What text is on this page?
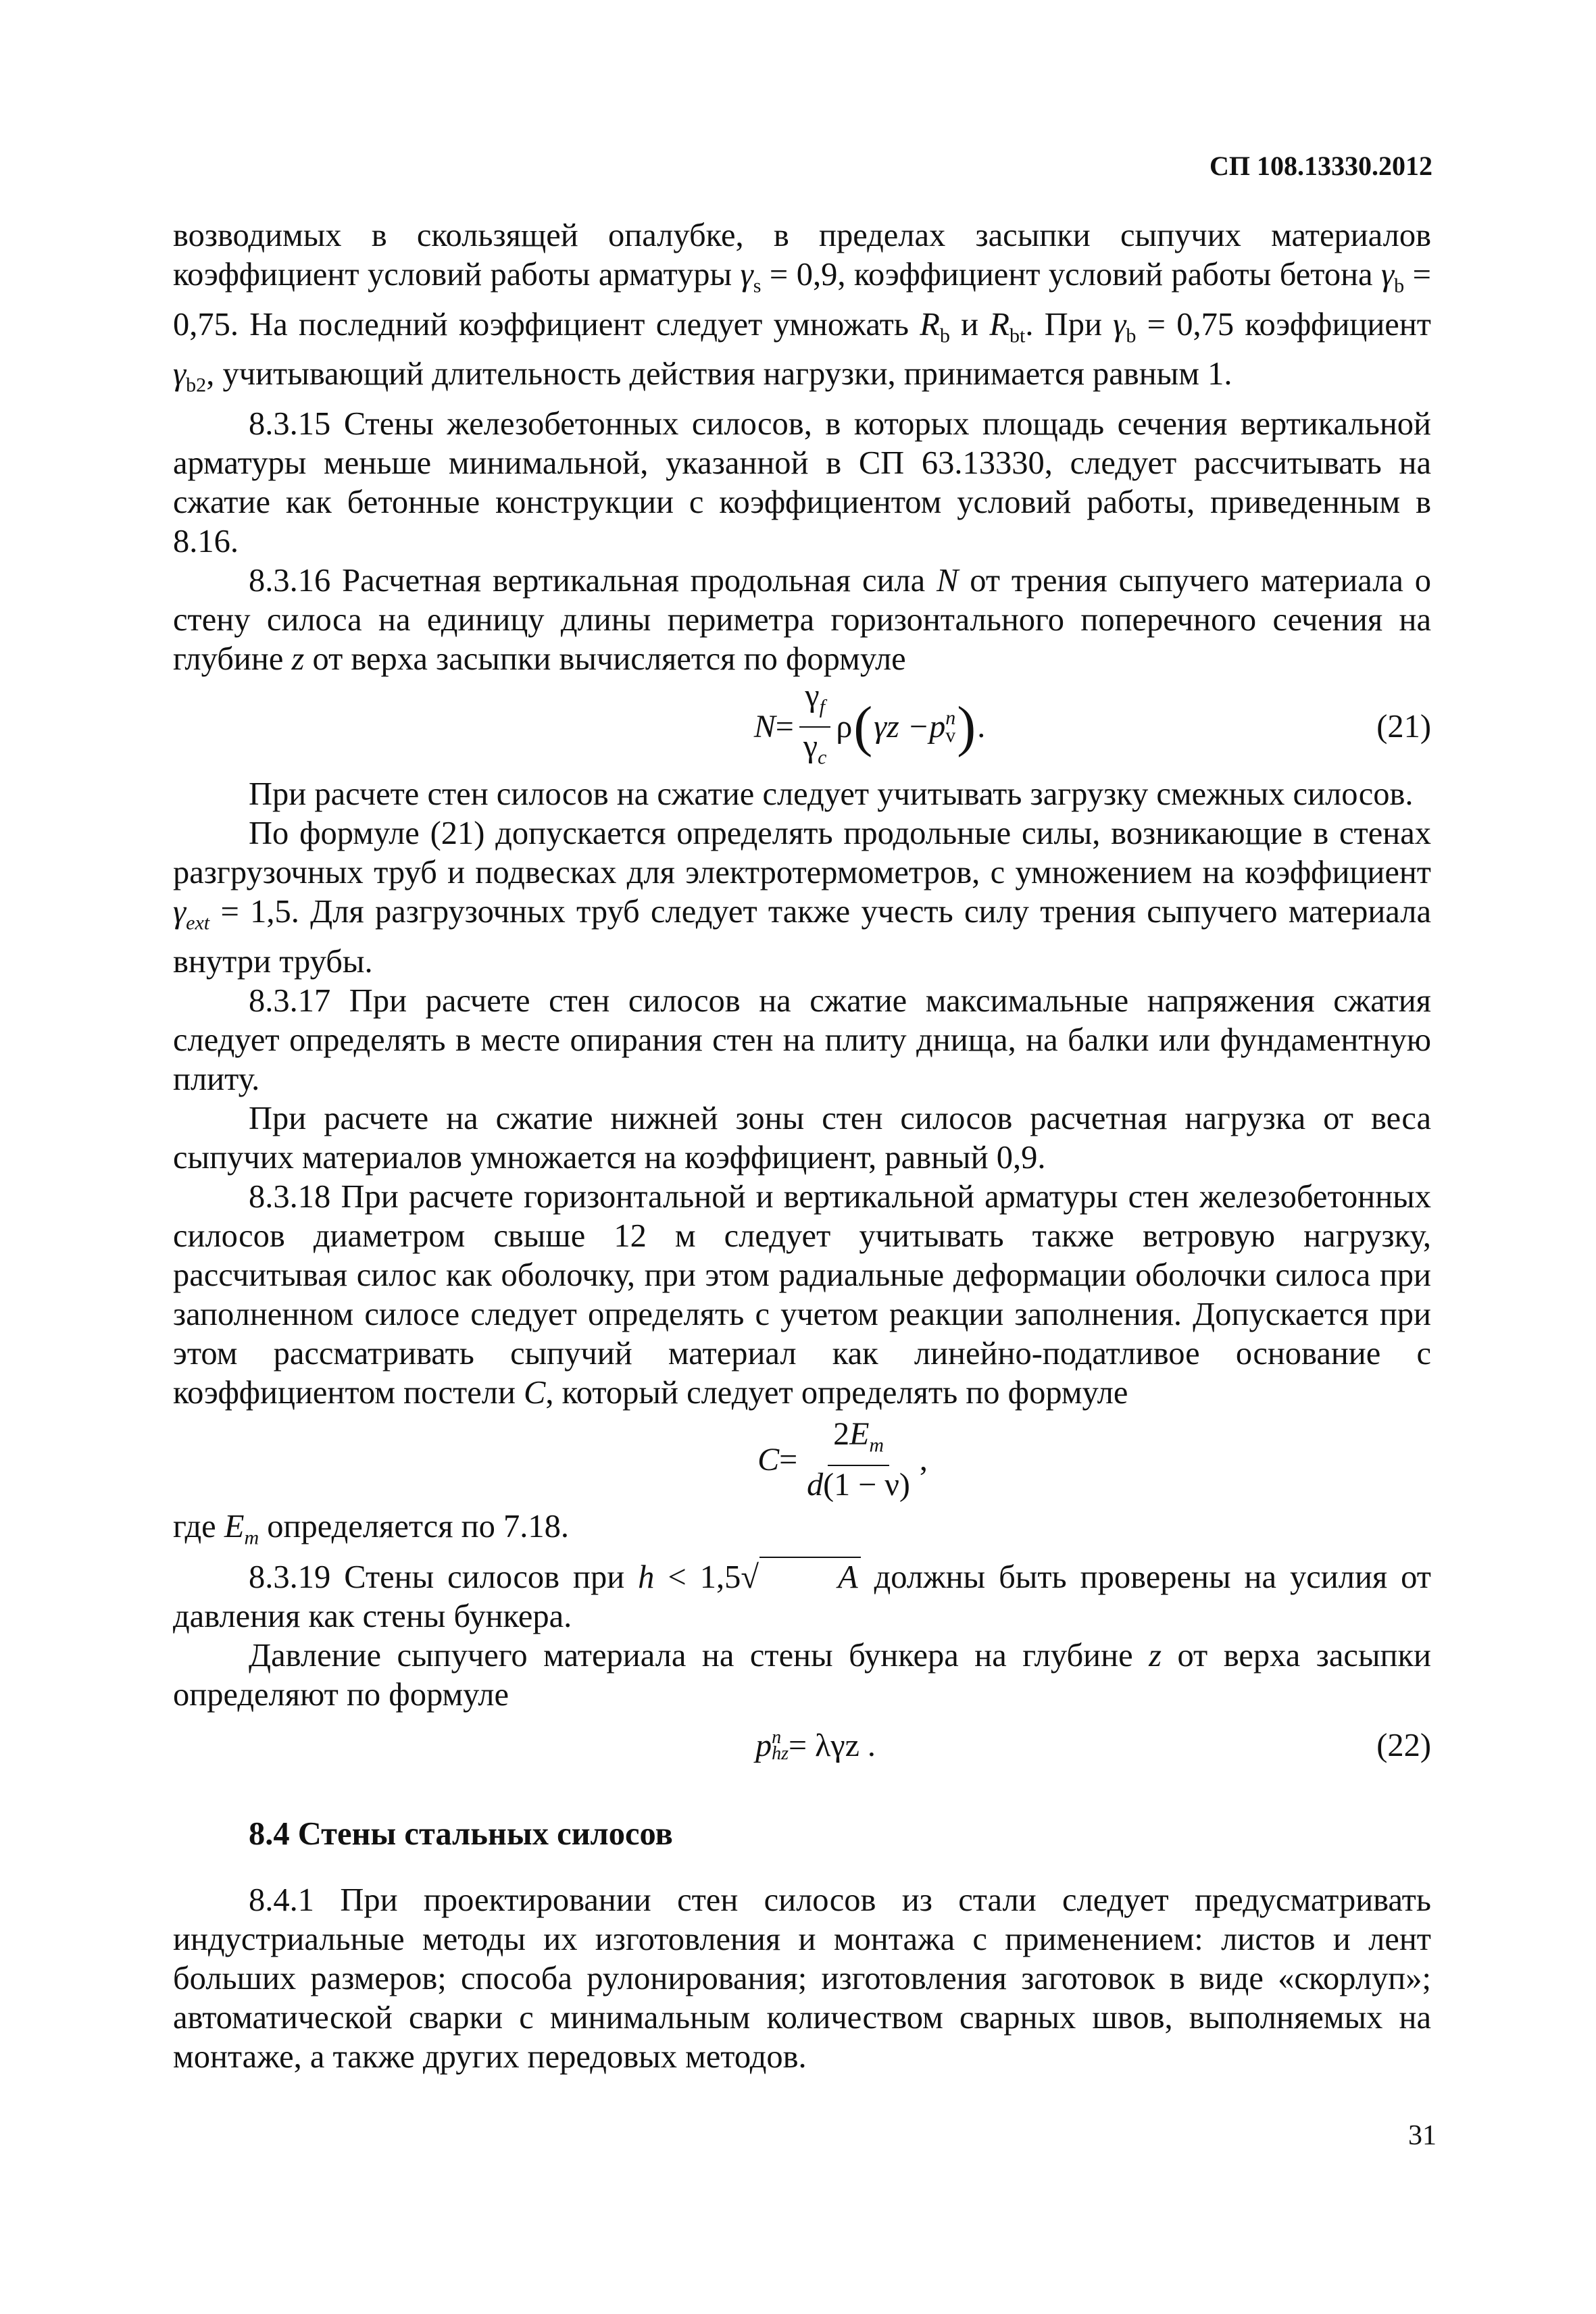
СП 108.13330.2012

возводимых в скользящей опалубке, в пределах засыпки сыпучих материалов коэффициент условий работы арматуры $\gamma_s = 0,9$, коэффициент условий работы бетона $\gamma_b = 0,75$. На последний коэффициент следует умножать $R_b$ и $R_{bt}$. При $\gamma_b = 0,75$ коэффициент $\gamma_{b2}$, учитывающий длительность действия нагрузки, принимается равным 1.

8.3.15 Стены железобетонных силосов, в которых площадь сечения вертикальной арматуры меньше минимальной, указанной в СП 63.13330, следует рассчитывать на сжатие как бетонные конструкции с коэффициентом условий работы, приведенным в 8.16.

8.3.16 Расчетная вертикальная продольная сила N от трения сыпучего материала о стену силоса на единицу длины периметра горизонтального поперечного сечения на глубине z от верха засыпки вычисляется по формуле

$N = \frac{\gamma_f}{\gamma_c}$ ρ ( γz − p n
v ) .	(21)

При расчете стен силосов на сжатие следует учитывать загрузку смежных силосов.

По формуле (21) допускается определять продольные силы, возникающие в стенах разгрузочных труб и подвесках для электротермометров, с умножением на коэффициент $\gamma_{ext} = 1,5$. Для разгрузочных труб следует также учесть силу трения сыпучего материала внутри трубы.

8.3.17 При расчете стен силосов на сжатие максимальные напряжения сжатия следует определять в месте опирания стен на плиту днища, на балки или фундаментную плиту.

При расчете на сжатие нижней зоны стен силосов расчетная нагрузка от веса сыпучих материалов умножается на коэффициент, равный 0,9.

8.3.18 При расчете горизонтальной и вертикальной арматуры стен железобетонных силосов диаметром свыше 12 м следует учитывать также ветровую нагрузку, рассчитывая силос как оболочку, при этом радиальные деформации оболочки силоса при заполненном силосе следует определять с учетом реакции заполнения. Допускается при этом рассматривать сыпучий материал как линейно-податливое основание с коэффициентом постели C, который следует определять по формуле

$C = \frac{2E_m}{d(1 - \nu)}$ ,

где $E_m$ определяется по 7.18.

8.3.19 Стены силосов при h < 1,5√ A должны быть проверены на усилия от давления как стены бункера.

Давление сыпучего материала на стены бункера на глубине z от верха засыпки определяют по формуле

p n
hz = λγz .	(22)

8.4 Стены стальных силосов

8.4.1 При проектировании стен силосов из стали следует предусматривать индустриальные методы их изготовления и монтажа с применением: листов и лент больших размеров; способа рулонирования; изготовления заготовок в виде «скорлуп»; автоматической сварки с минимальным количеством сварных швов, выполняемых на монтаже, а также других передовых методов.

31
